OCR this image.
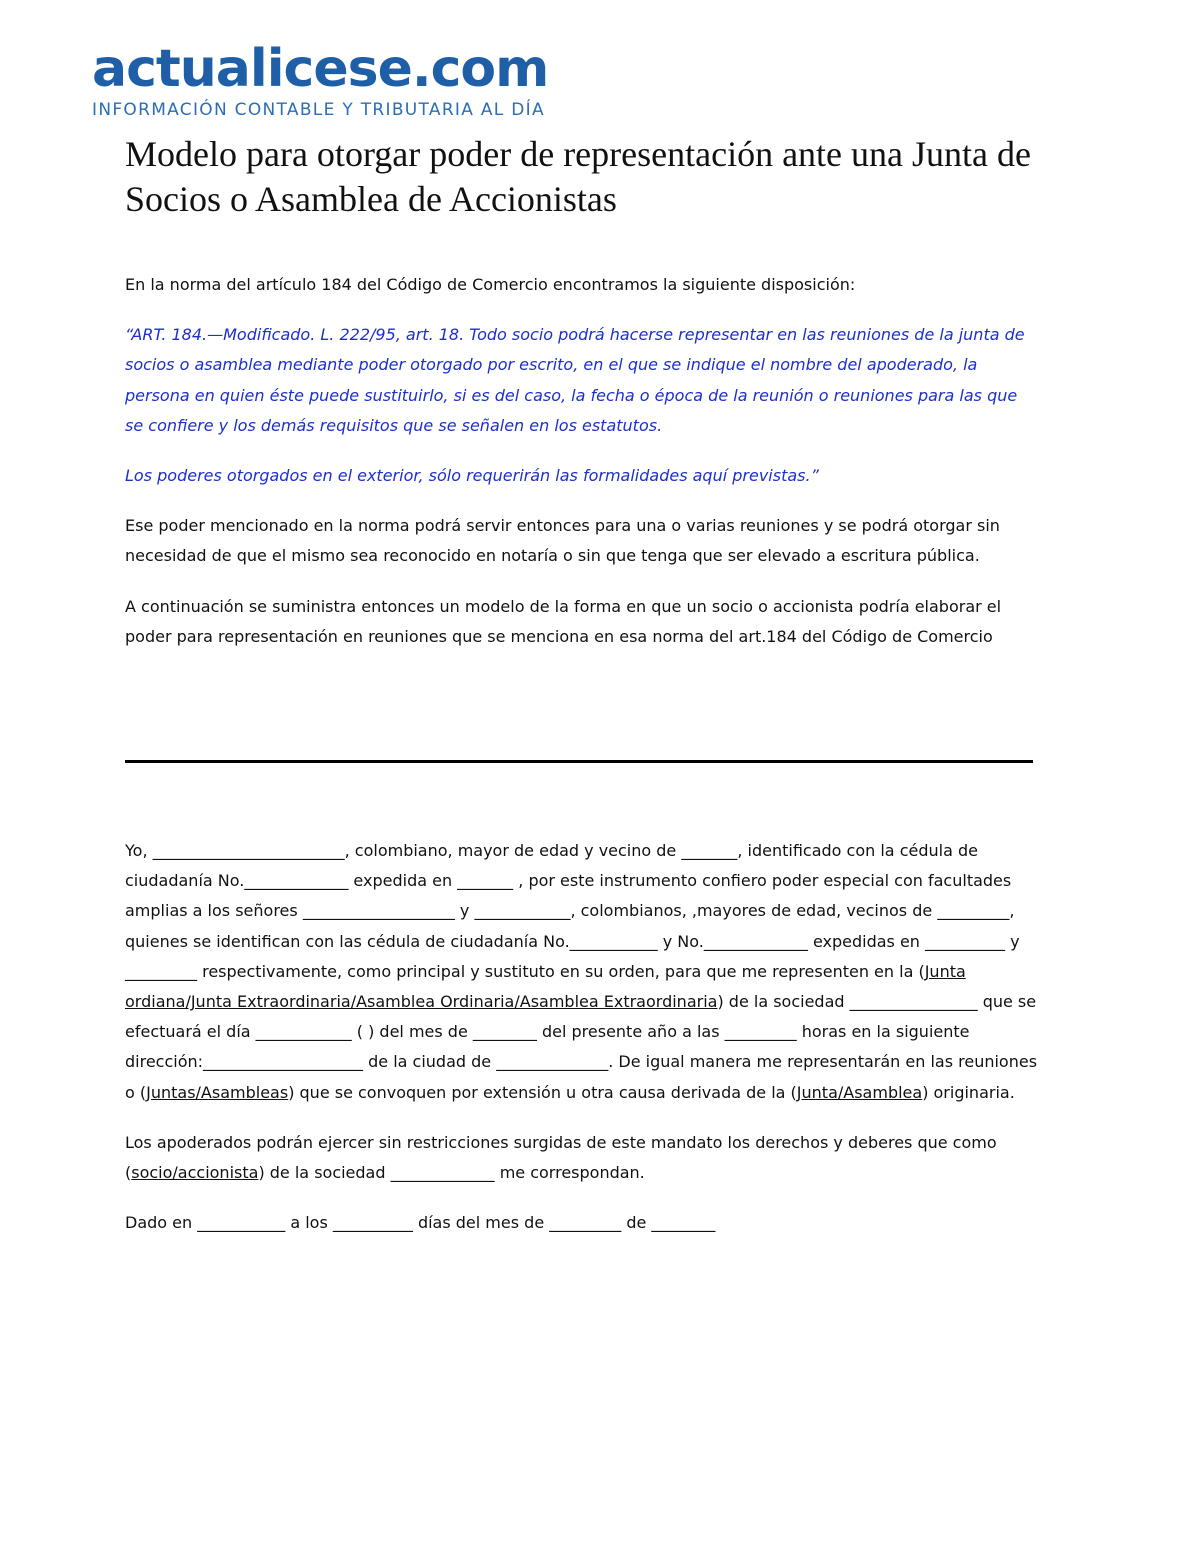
actualicese.com
INFORMACIÓN CONTABLE Y TRIBUTARIA AL DÍA
Modelo para otorgar poder de representación ante una Junta de Socios o Asamblea de Accionistas

En la norma del artículo 184 del Código de Comercio encontramos la siguiente disposición:

“ART. 184.—Modificado. L. 222/95, art. 18. Todo socio podrá hacerse representar en las reuniones de la junta de socios o asamblea mediante poder otorgado por escrito, en el que se indique el nombre del apoderado, la persona en quien éste puede sustituirlo, si es del caso, la fecha o época de la reunión o reuniones para las que se confiere y los demás requisitos que se señalen en los estatutos.

Los poderes otorgados en el exterior, sólo requerirán las formalidades aquí previstas.”

Ese poder mencionado en la norma podrá servir entonces para una o varias reuniones y se podrá otorgar sin necesidad de que el mismo sea reconocido en notaría o sin que tenga que ser elevado a escritura pública.

A continuación se suministra entonces un modelo de la forma en que un socio o accionista podría elaborar el poder para representación en reuniones que se menciona en esa norma del art.184 del Código de Comercio

Yo, ________________________, colombiano, mayor de edad y vecino de _______, identificado con la cédula de ciudadanía No._____________ expedida en _______ , por este instrumento confiero poder especial con facultades amplias a los señores ___________________ y ____________, colombianos, ,mayores de edad, vecinos de _________, quienes se identifican con las cédula de ciudadanía No.___________ y No._____________ expedidas en __________ y _________ respectivamente, como principal y sustituto en su orden, para que me representen en la (Junta ordiana/Junta Extraordinaria/Asamblea Ordinaria/Asamblea Extraordinaria) de la sociedad ________________ que se efectuará el día ____________ ( ) del mes de ________ del presente año a las _________ horas en la siguiente dirección:____________________ de la ciudad de ______________. De igual manera me representarán en las reuniones o (Juntas/Asambleas) que se convoquen por extensión u otra causa derivada de la (Junta/Asamblea) originaria.

Los apoderados podrán ejercer sin restricciones surgidas de este mandato los derechos y deberes que como (socio/accionista) de la sociedad _____________ me correspondan.

Dado en ___________ a los __________ días del mes de _________ de ________
